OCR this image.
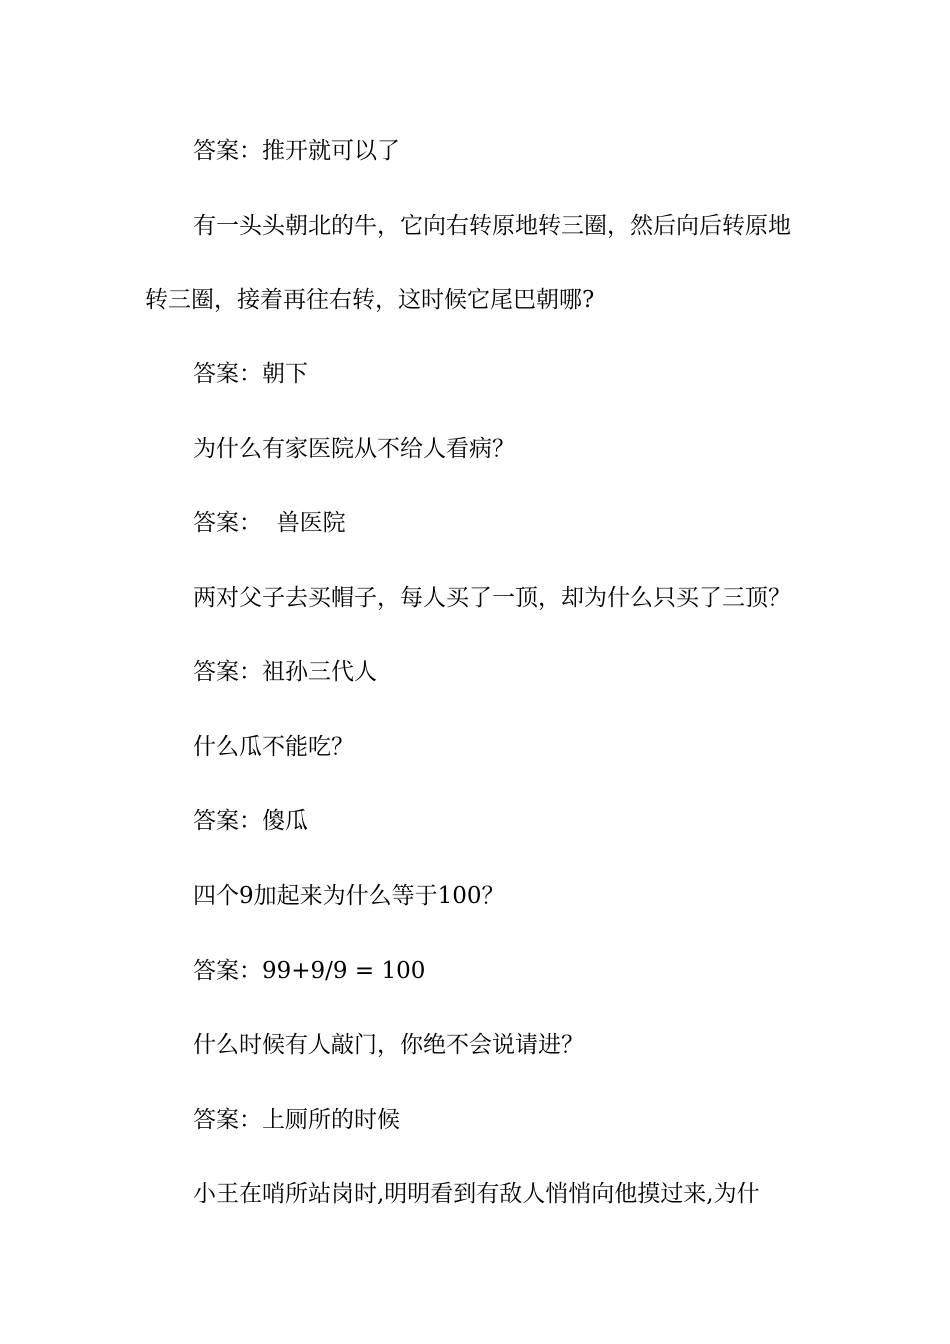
答案：推开就可以了

有一头头朝北的牛，它向右转原地转三圈，然后向后转原地转三圈，接着再往右转，这时候它尾巴朝哪?

答案：朝下

为什么有家医院从不给人看病？

答案：  兽医院

两对父子去买帽子，每人买了一顶，却为什么只买了三顶？

答案：祖孙三代人

什么瓜不能吃？

答案：傻瓜

四个9加起来为什么等于100？

答案：99+9/9 = 100

什么时候有人敲门，你绝不会说请进？

答案：上厕所的时候

小王在哨所站岗时,明明看到有敌人悄悄向他摸过来,为什
